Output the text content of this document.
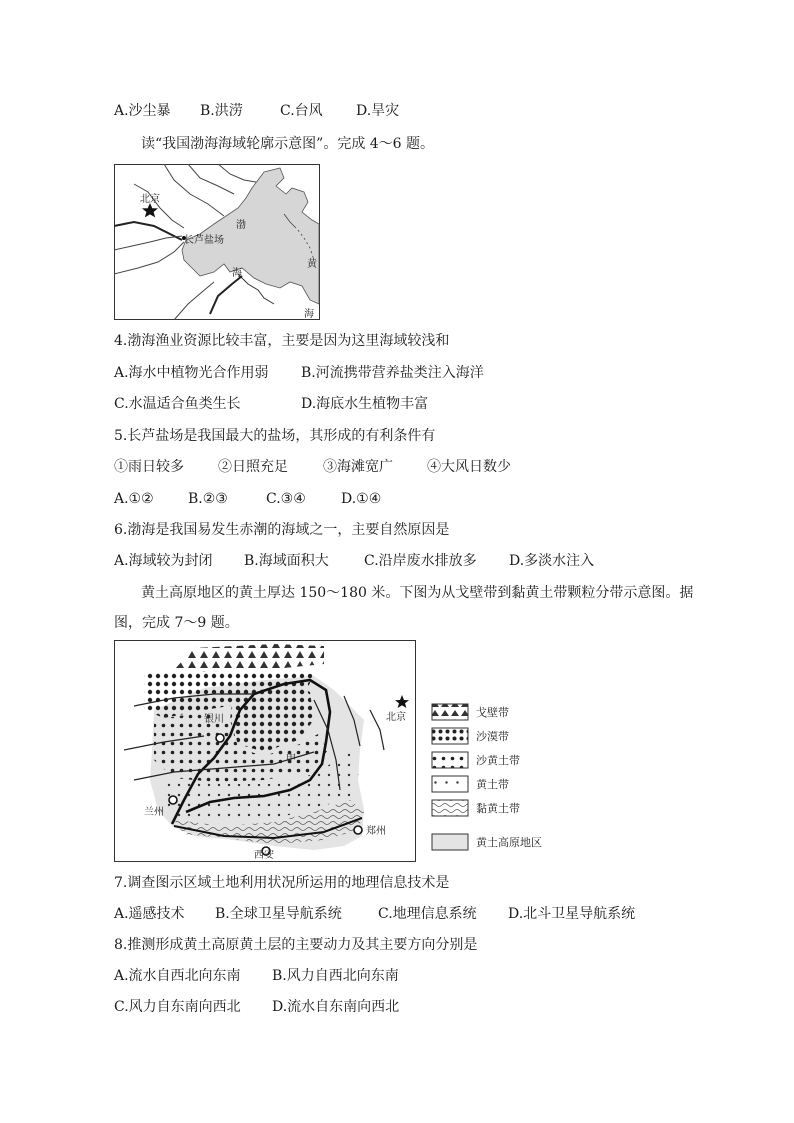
A.沙尘暴 B.洪涝	C.台风 D.旱灾
读“我国渤海海域轮廓示意图”。完成 4～6 题。
北京
长芦盐场
渤
海
黄
海
4.渤海渔业资源比较丰富，主要是因为这里海域较浅和
A.海水中植物光合作用弱 B.河流携带营养盐类注入海洋
C.水温适合鱼类生长	D.海底水生植物丰富
5.长芦盐场是我国最大的盐场，其形成的有利条件有
①雨日较多 ②日照充足	③海滩宽广 ④大风日数少
A.①② B.②③	C.③④	D.①④
6.渤海是我国易发生赤潮的海域之一，主要自然原因是
A.海域较为封闭 B.海域面积大	C.沿岸废水排放多 D.多淡水注入
黄土高原地区的黄土厚达 150～180 米。下图为从戈壁带到黏黄土带颗粒分带示意图。据
图，完成 7～9 题。
银川
甲
北京
兰州
郑州
西安
戈壁带
沙漠带
沙黄土带
黄土带
黏黄土带
黄土高原地区
7.调查图示区域土地利用状况所运用的地理信息技术是
A.遥感技术 B.全球卫星导航系统	C.地理信息系统 D.北斗卫星导航系统
8.推测形成黄土高原黄土层的主要动力及其主要方向分别是
A.流水自西北向东南 B.风力自西北向东南
C.风力自东南向西北 D.流水自东南向西北
